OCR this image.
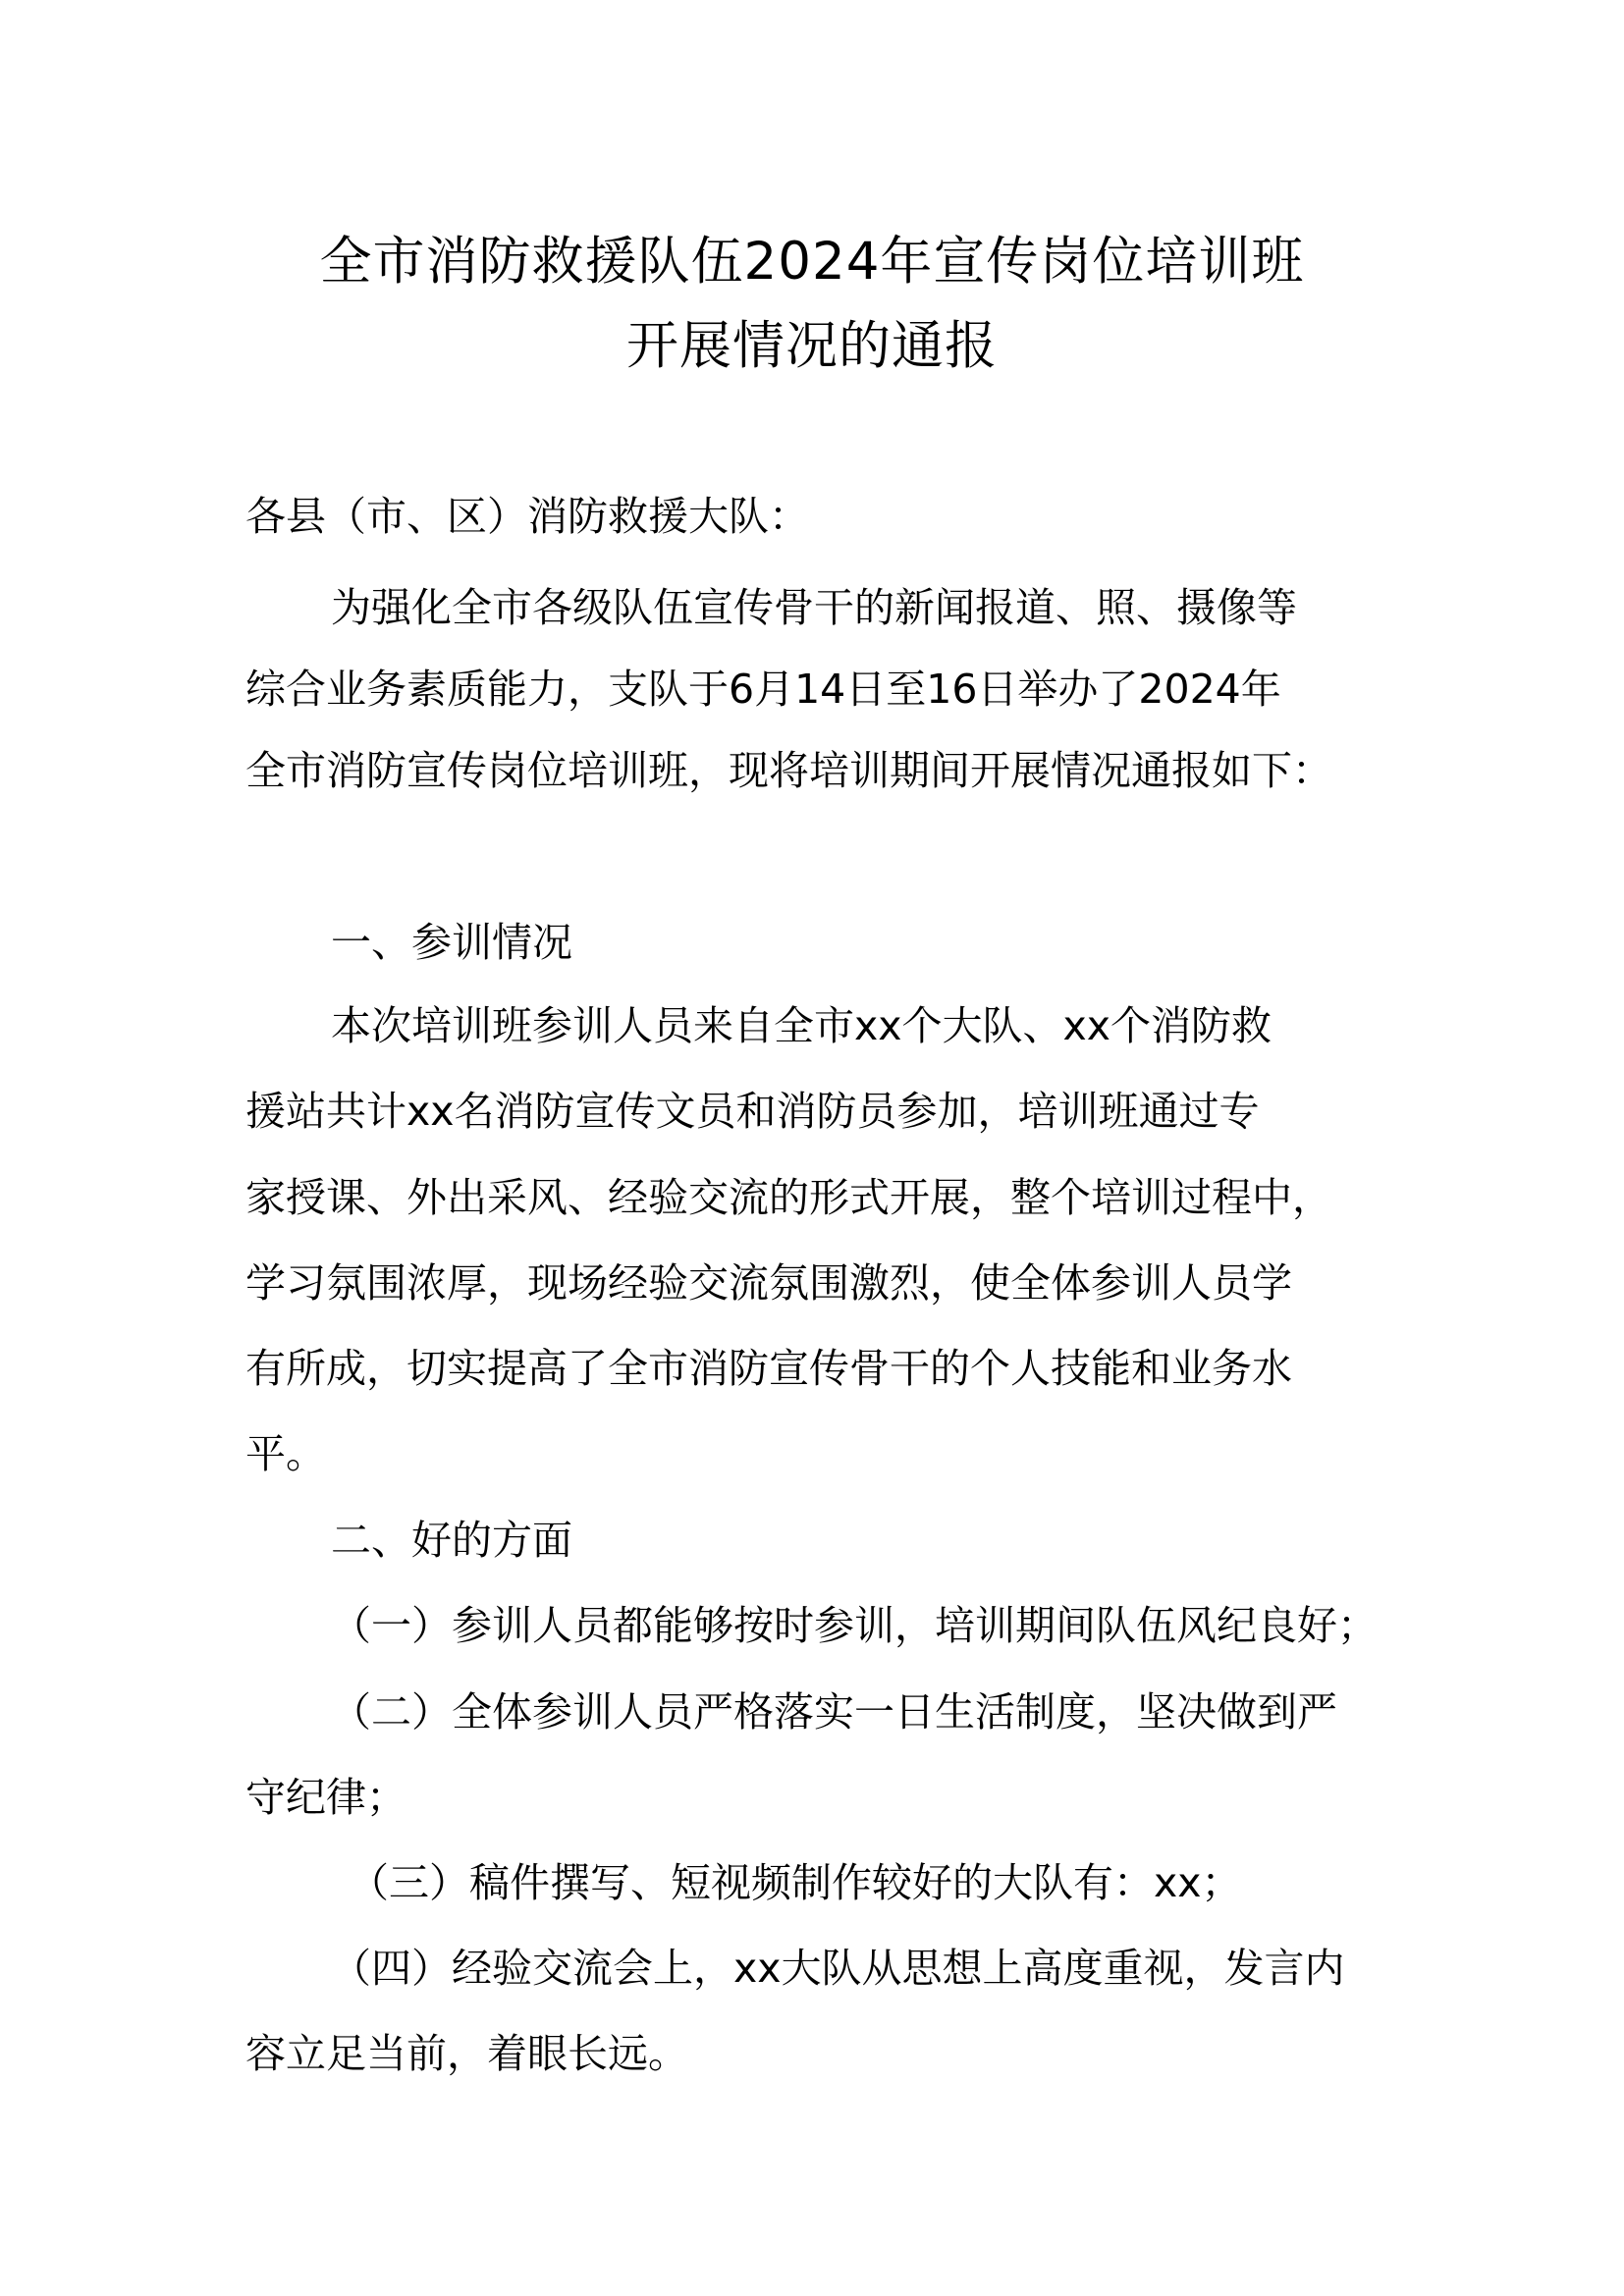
全市消防救援队伍2024年宣传岗位培训班
开展情况的通报
各县（市、区）消防救援大队：
为强化全市各级队伍宣传骨干的新闻报道、照、摄像等
综合业务素质能力，支队于6月14日至16日举办了2024年
全市消防宣传岗位培训班，现将培训期间开展情况通报如下：
一、参训情况
本次培训班参训人员来自全市xx个大队、xx个消防救
援站共计xx名消防宣传文员和消防员参加，培训班通过专
家授课、外出采风、经验交流的形式开展，整个培训过程中，
学习氛围浓厚，现场经验交流氛围激烈，使全体参训人员学
有所成，切实提高了全市消防宣传骨干的个人技能和业务水
平。
二、好的方面
（一）参训人员都能够按时参训，培训期间队伍风纪良好；
（二）全体参训人员严格落实一日生活制度，坚决做到严
守纪律；
（三）稿件撰写、短视频制作较好的大队有：xx；
（四）经验交流会上，xx大队从思想上高度重视，发言内
容立足当前，着眼长远。
